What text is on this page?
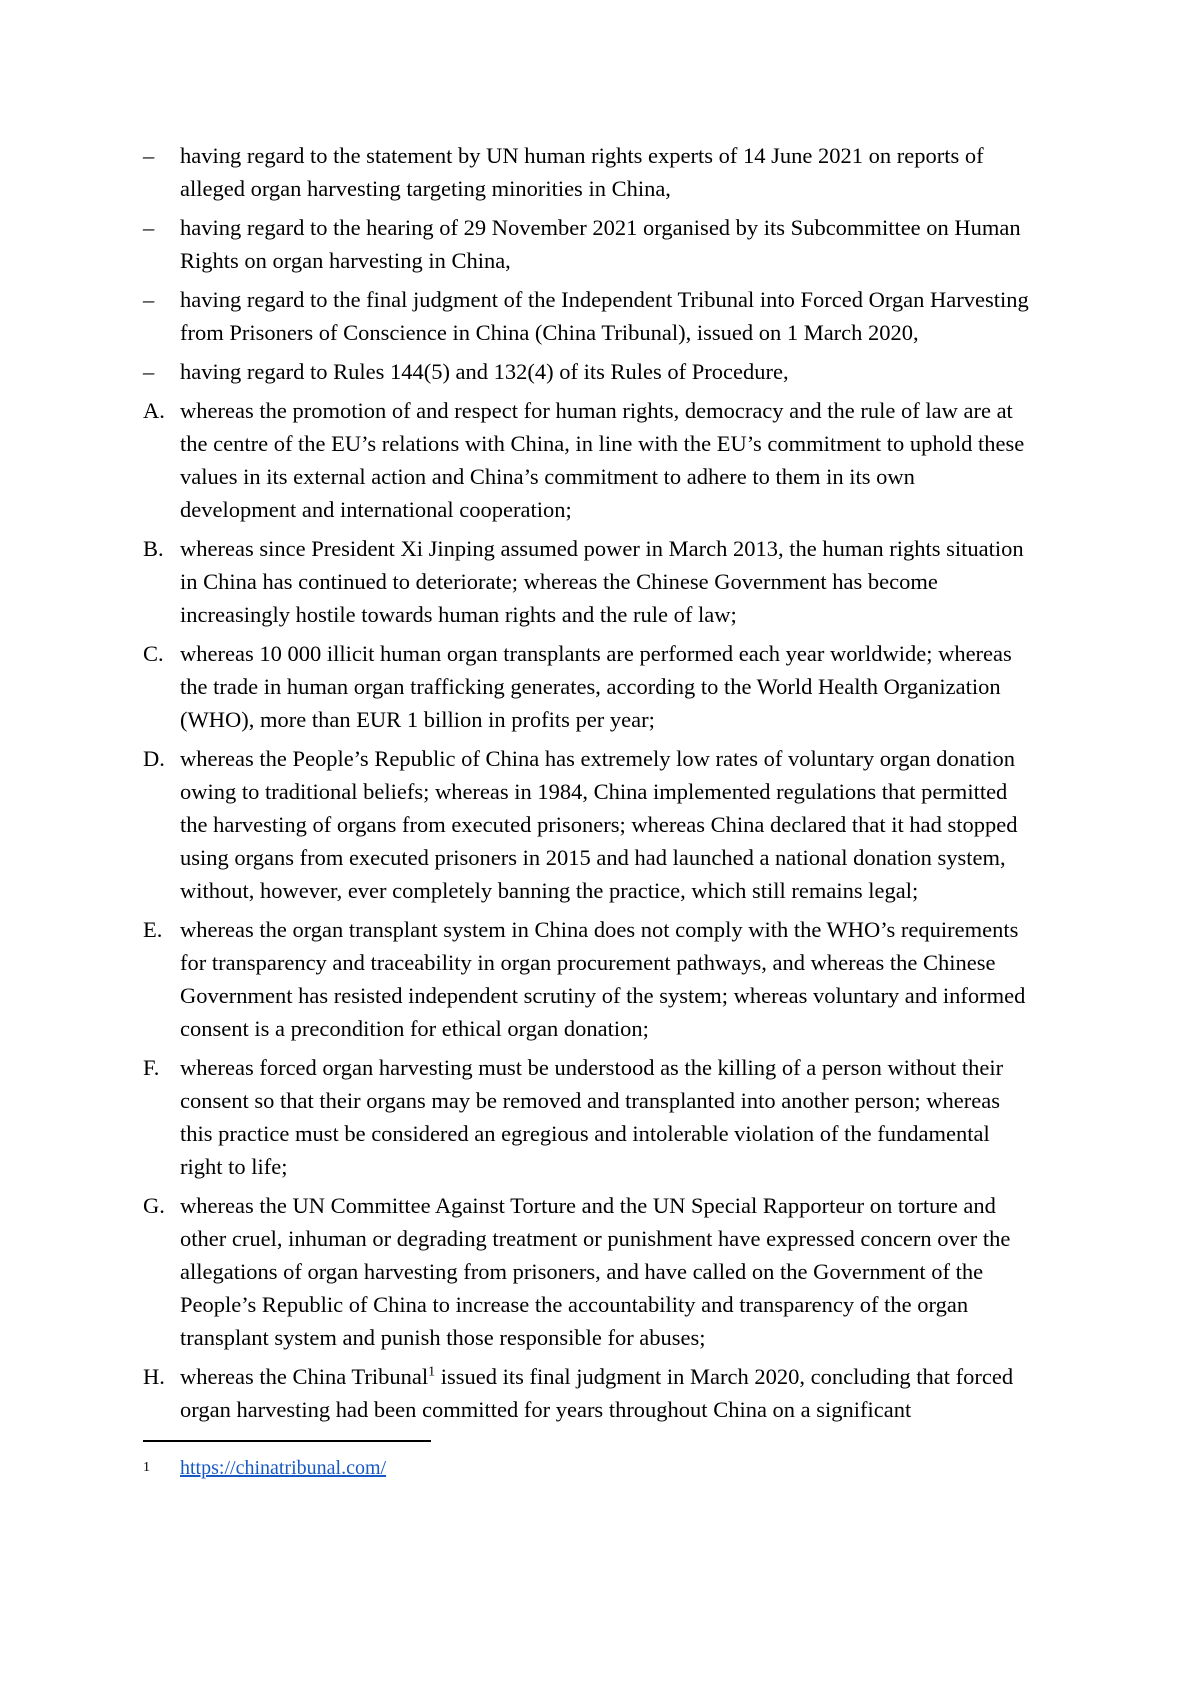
–	having regard to the statement by UN human rights experts of 14 June 2021 on reports of alleged organ harvesting targeting minorities in China,
–	having regard to the hearing of 29 November 2021 organised by its Subcommittee on Human Rights on organ harvesting in China,
–	having regard to the final judgment of the Independent Tribunal into Forced Organ Harvesting from Prisoners of Conscience in China (China Tribunal), issued on 1 March 2020,
–	having regard to Rules 144(5) and 132(4) of its Rules of Procedure,
A. whereas the promotion of and respect for human rights, democracy and the rule of law are at the centre of the EU’s relations with China, in line with the EU’s commitment to uphold these values in its external action and China’s commitment to adhere to them in its own development and international cooperation;
B. whereas since President Xi Jinping assumed power in March 2013, the human rights situation in China has continued to deteriorate; whereas the Chinese Government has become increasingly hostile towards human rights and the rule of law;
C. whereas 10 000 illicit human organ transplants are performed each year worldwide; whereas the trade in human organ trafficking generates, according to the World Health Organization (WHO), more than EUR 1 billion in profits per year;
D. whereas the People’s Republic of China has extremely low rates of voluntary organ donation owing to traditional beliefs; whereas in 1984, China implemented regulations that permitted the harvesting of organs from executed prisoners; whereas China declared that it had stopped using organs from executed prisoners in 2015 and had launched a national donation system, without, however, ever completely banning the practice, which still remains legal;
E. whereas the organ transplant system in China does not comply with the WHO’s requirements for transparency and traceability in organ procurement pathways, and whereas the Chinese Government has resisted independent scrutiny of the system; whereas voluntary and informed consent is a precondition for ethical organ donation;
F. whereas forced organ harvesting must be understood as the killing of a person without their consent so that their organs may be removed and transplanted into another person; whereas this practice must be considered an egregious and intolerable violation of the fundamental right to life;
G. whereas the UN Committee Against Torture and the UN Special Rapporteur on torture and other cruel, inhuman or degrading treatment or punishment have expressed concern over the allegations of organ harvesting from prisoners, and have called on the Government of the People’s Republic of China to increase the accountability and transparency of the organ transplant system and punish those responsible for abuses;
H. whereas the China Tribunal$^1$ issued its final judgment in March 2020, concluding that forced organ harvesting had been committed for years throughout China on a significant
1	https://chinatribunal.com/
